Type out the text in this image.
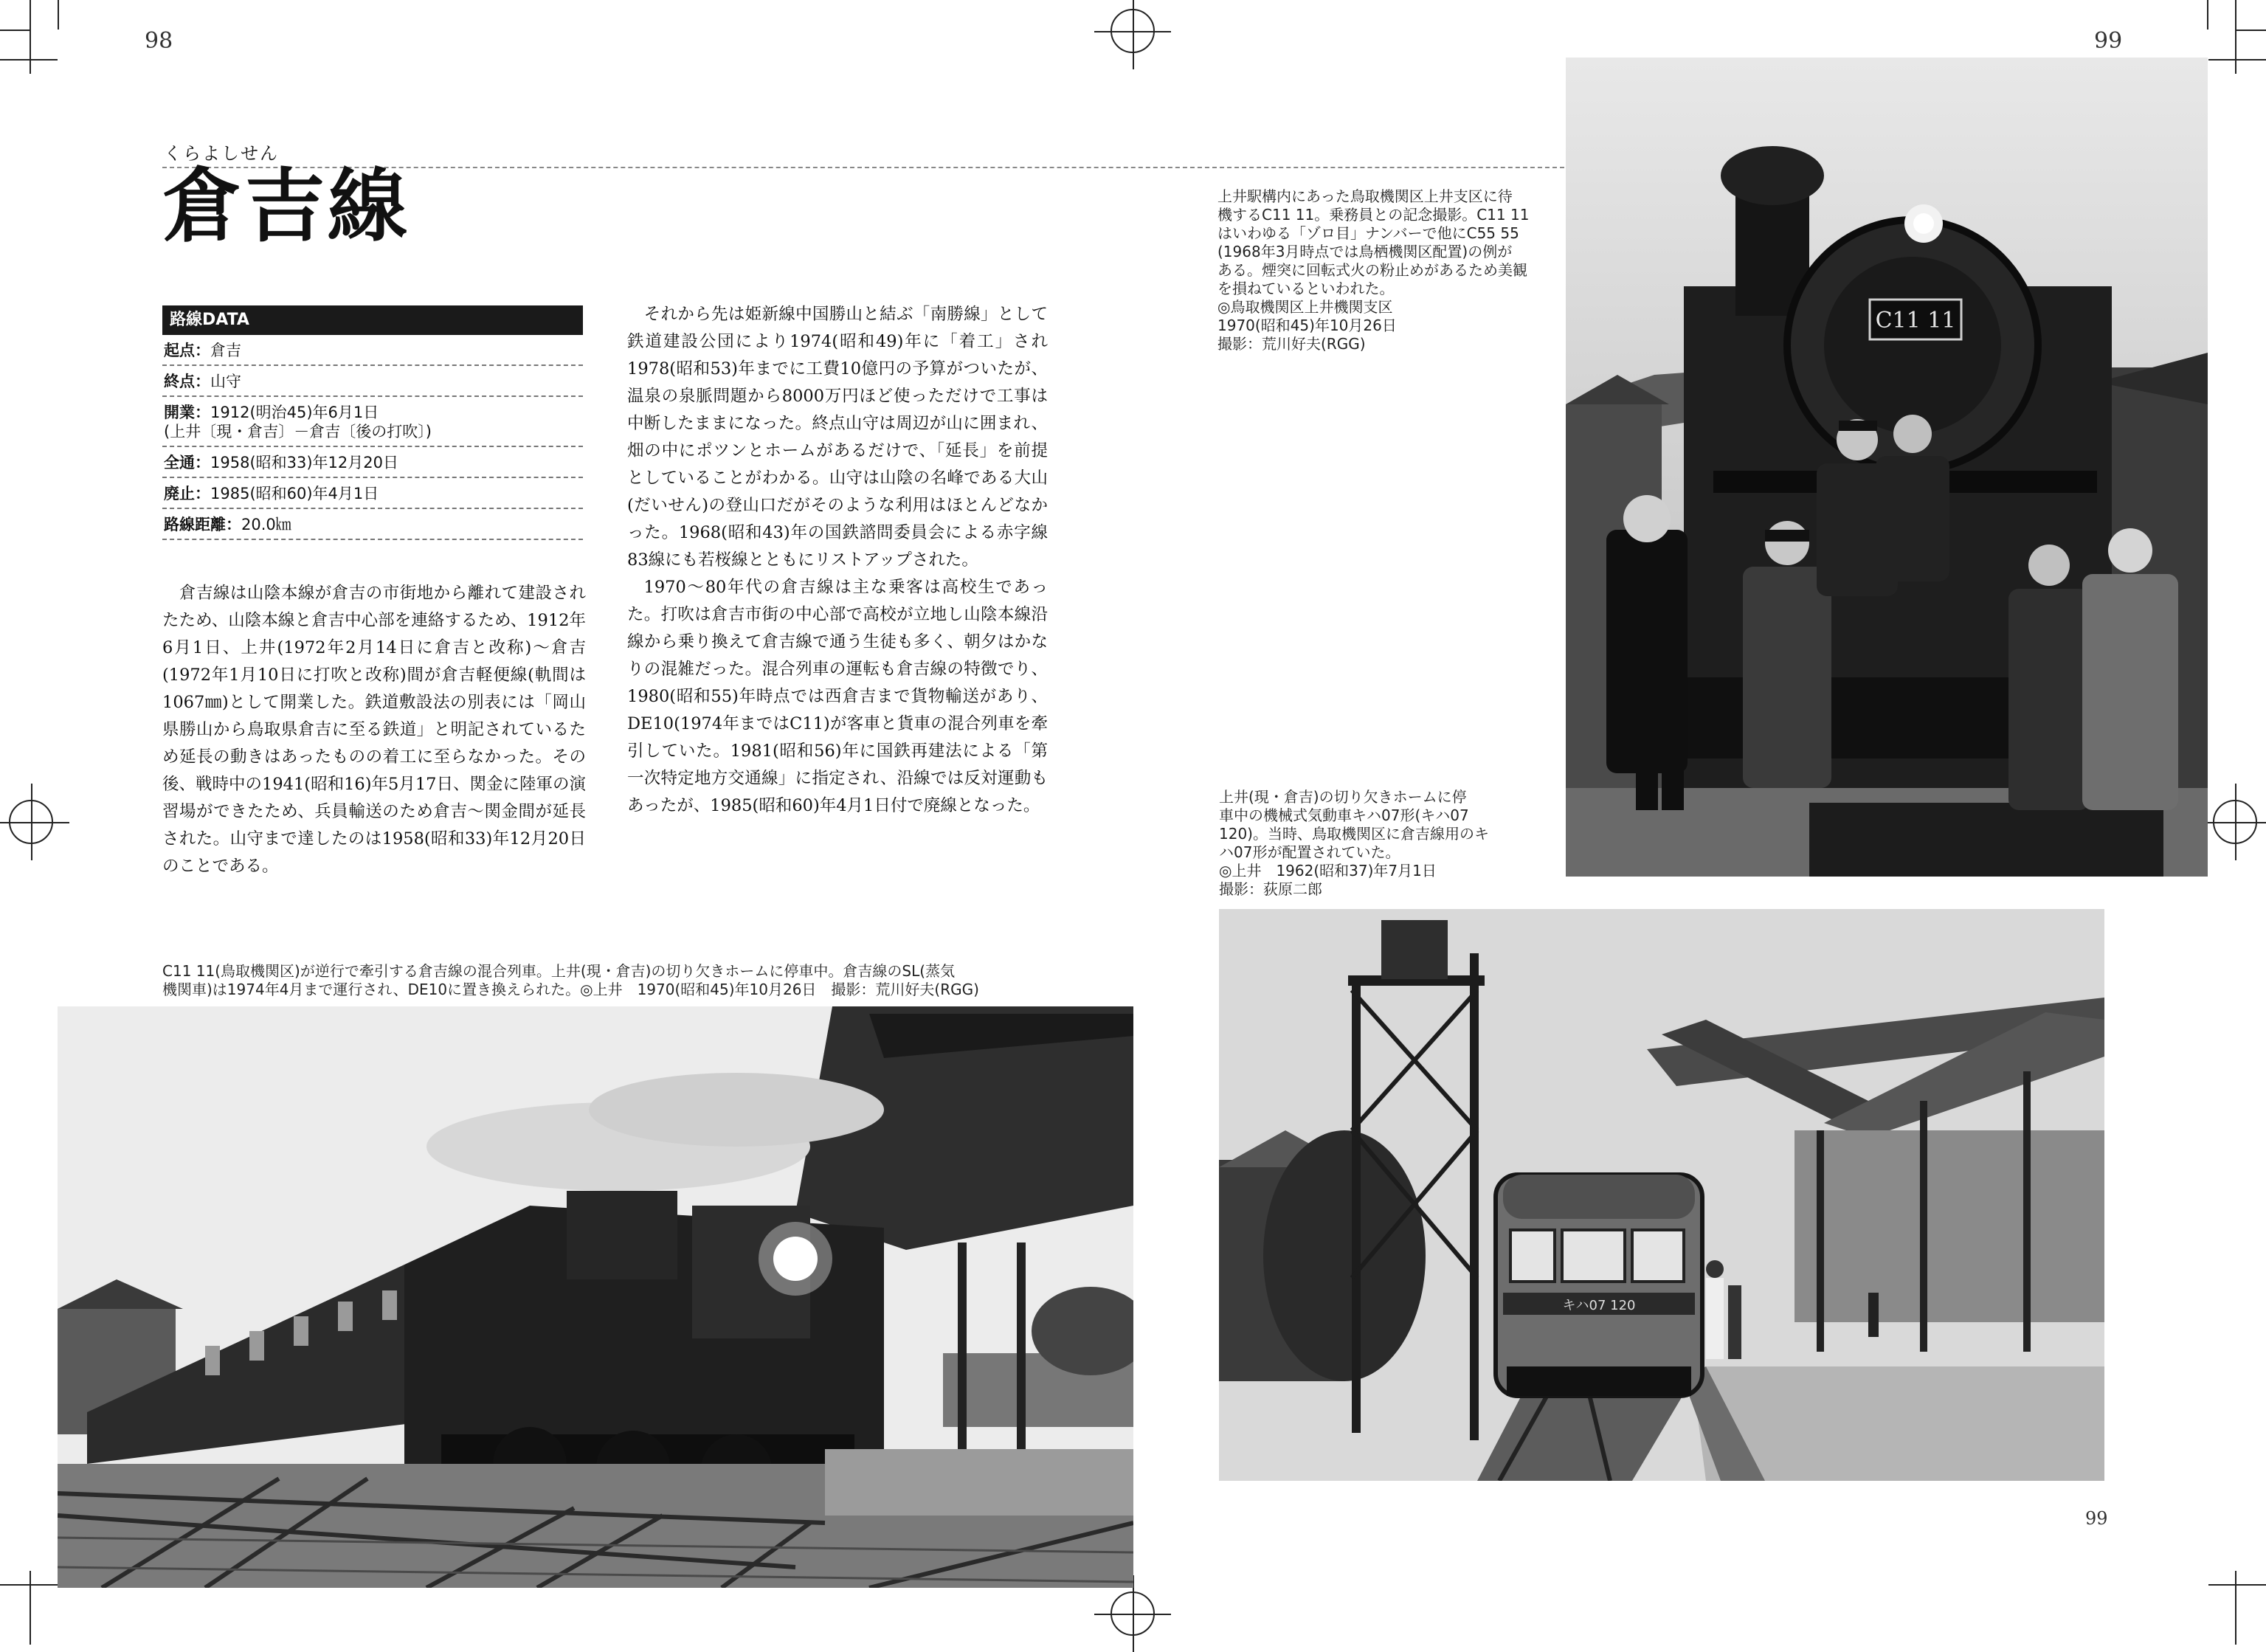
98	99
99
くらよしせん
倉吉線
路線DATA
起点：倉吉
終点：山守
開業：1912(明治45)年6月1日
(上井〔現・倉吉〕－倉吉〔後の打吹〕)
全通：1958(昭和33)年12月20日
廃止：1985(昭和60)年4月1日
路線距離：20.0㎞
倉吉線は山陰本線が倉吉の市街地から離れて建設されたため、山陰本線と倉吉中心部を連絡するため、1912年6月1日、上井(1972年2月14日に倉吉と改称)〜倉吉(1972年1月10日に打吹と改称)間が倉吉軽便線(軌間は1067㎜)として開業した。鉄道敷設法の別表には「岡山県勝山から鳥取県倉吉に至る鉄道」と明記されているため延長の動きはあったものの着工に至らなかった。その後、戦時中の1941(昭和16)年5月17日、関金に陸軍の演習場ができたため、兵員輸送のため倉吉〜関金間が延長された。山守まで達したのは1958(昭和33)年12月20日のことである。
それから先は姫新線中国勝山と結ぶ「南勝線」として鉄道建設公団により1974(昭和49)年に「着工」され1978(昭和53)年までに工費10億円の予算がついたが、温泉の泉脈問題から8000万円ほど使っただけで工事は中断したままになった。終点山守は周辺が山に囲まれ、畑の中にポツンとホームがあるだけで、「延長」を前提としていることがわかる。山守は山陰の名峰である大山(だいせん)の登山口だがそのような利用はほとんどなかった。1968(昭和43)年の国鉄諮問委員会による赤字線83線にも若桜線とともにリストアップされた。
1970〜80年代の倉吉線は主な乗客は高校生であった。打吹は倉吉市街の中心部で高校が立地し山陰本線沿線から乗り換えて倉吉線で通う生徒も多く、朝夕はかなりの混雑だった。混合列車の運転も倉吉線の特徴でり、1980(昭和55)年時点では西倉吉まで貨物輸送があり、DE10(1974年まではC11)が客車と貨車の混合列車を牽引していた。1981(昭和56)年に国鉄再建法による「第一次特定地方交通線」に指定され、沿線では反対運動もあったが、1985(昭和60)年4月1日付で廃線となった。
上井駅構内にあった鳥取機関区上井支区に待
機するC11 11。乗務員との記念撮影。C11 11
はいわゆる「ゾロ目」ナンバーで他にC55 55
(1968年3月時点では鳥栖機関区配置)の例が
ある。煙突に回転式火の粉止めがあるため美観
を損ねているといわれた。
◎鳥取機関区上井機関支区
1970(昭和45)年10月26日
撮影：荒川好夫(RGG)
上井(現・倉吉)の切り欠きホームに停
車中の機械式気動車キハ07形(キハ07
120)。当時、鳥取機関区に倉吉線用のキ
ハ07形が配置されていた。
◎上井　1962(昭和37)年7月1日
撮影：荻原二郎
C11 11(鳥取機関区)が逆行で牽引する倉吉線の混合列車。上井(現・倉吉)の切り欠きホームに停車中。倉吉線のSL(蒸気
機関車)は1974年4月まで運行され、DE10に置き換えられた。◎上井　1970(昭和45)年10月26日　撮影：荒川好夫(RGG)
C11 11
キハ07 120
